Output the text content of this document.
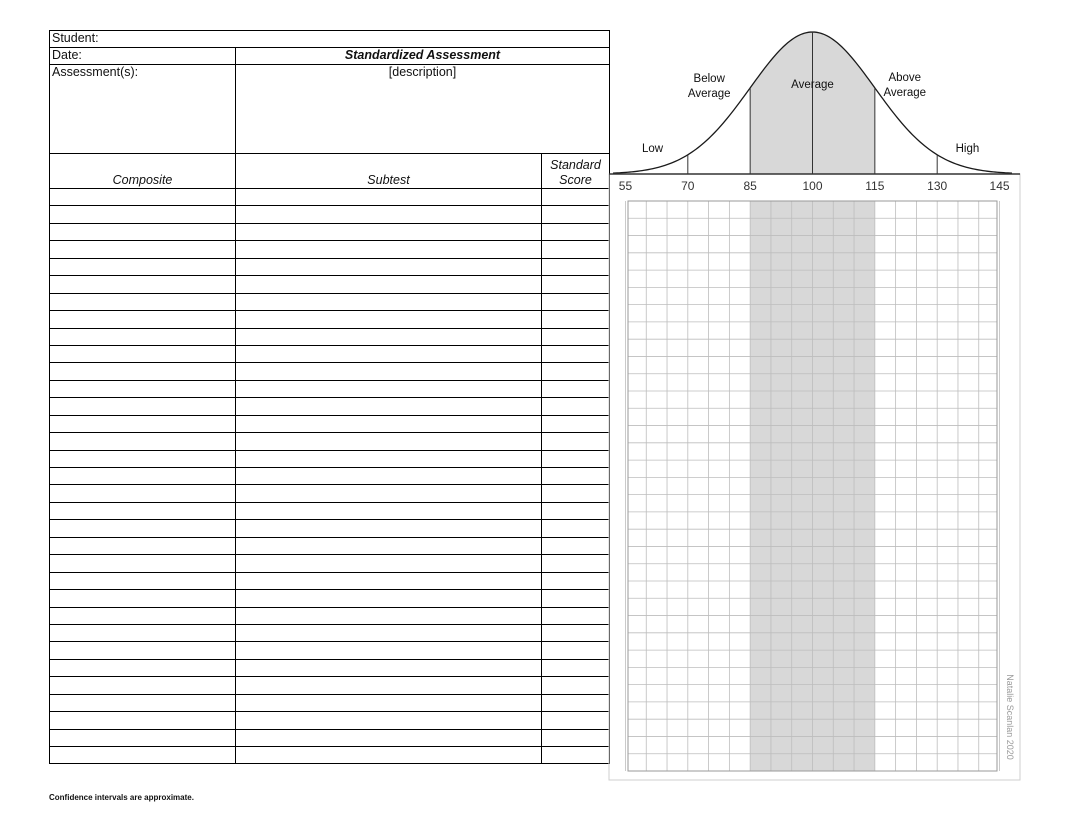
Student:		
Date:	Standardized Assessment	
Assessment(s):	[description]	
Composite	Subtest	Standard
Score

Confidence intervals are approximate.
55	70	85	100	115	130	145
Low
Below
Average
Average
Above
Average
High
Natalie Scanlan 2020
